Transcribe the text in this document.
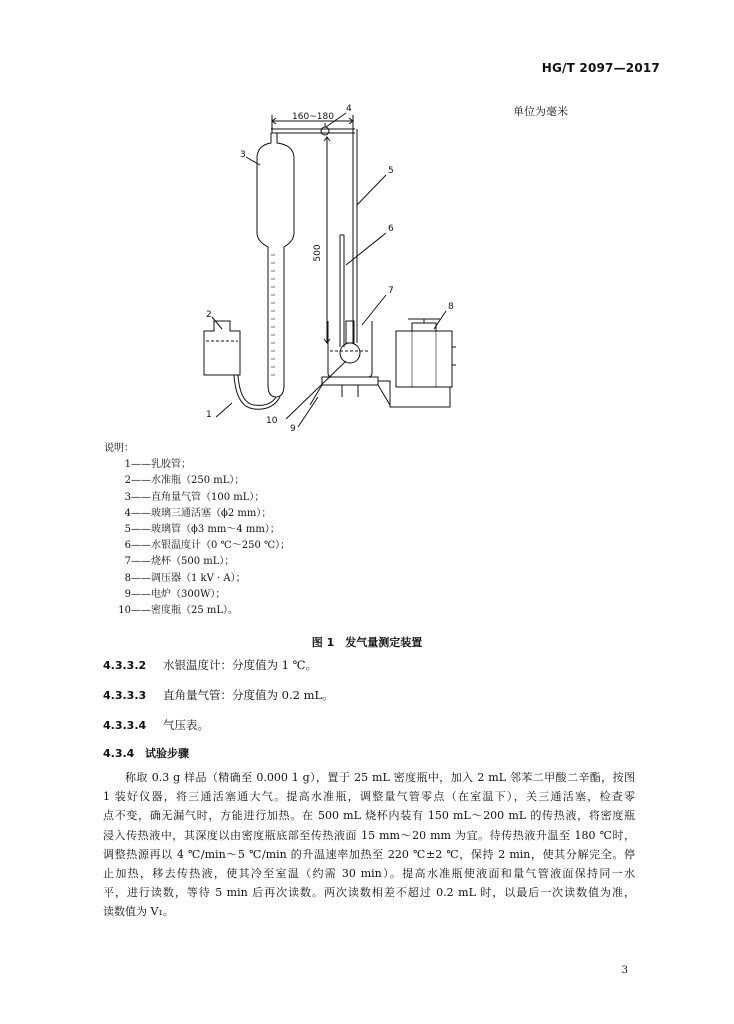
HG/T 2097—2017
单位为毫米
160~180
500
1
2
3
4
5
6
7
8
9
10
说明：
1——乳胶管；
2——水准瓶（250 mL）；
3——直角量气管（100 mL）；
4——玻璃三通活塞（ϕ2 mm）；
5——玻璃管（ϕ3 mm～4 mm）；
6——水银温度计（0 ℃～250 ℃）；
7——烧杯（500 mL）；
8——调压器（1 kV · A）；
9——电炉（300W）；
10——密度瓶（25 mL）。
图 1　发气量测定装置
4.3.3.2 水银温度计：分度值为 1 ℃。
4.3.3.3 直角量气管：分度值为 0.2 mL。
4.3.3.4 气压表。
4.3.4 试验步骤
称取 0.3 g 样品（精确至 0.000 1 g），置于 25 mL 密度瓶中，加入 2 mL 邻苯二甲酸二辛酯，按图
1 装好仪器，将三通活塞通大气。提高水准瓶，调整量气管零点（在室温下），关三通活塞，检查零
点不变，确无漏气时，方能进行加热。在 500 mL 烧杯内装有 150 mL～200 mL 的传热液，将密度瓶
浸入传热液中，其深度以由密度瓶底部至传热液面 15 mm～20 mm 为宜。待传热液升温至 180 ℃时，
调整热源再以 4 ℃/min～5 ℃/min 的升温速率加热至 220 ℃±2 ℃，保持 2 min，使其分解完全。停
止加热，移去传热液，使其冷至室温（约需 30 min）。提高水准瓶使液面和量气管液面保持同一水
平，进行读数，等待 5 min 后再次读数。两次读数相差不超过 0.2 mL 时，以最后一次读数值为准，
读数值为 V₁。
3
